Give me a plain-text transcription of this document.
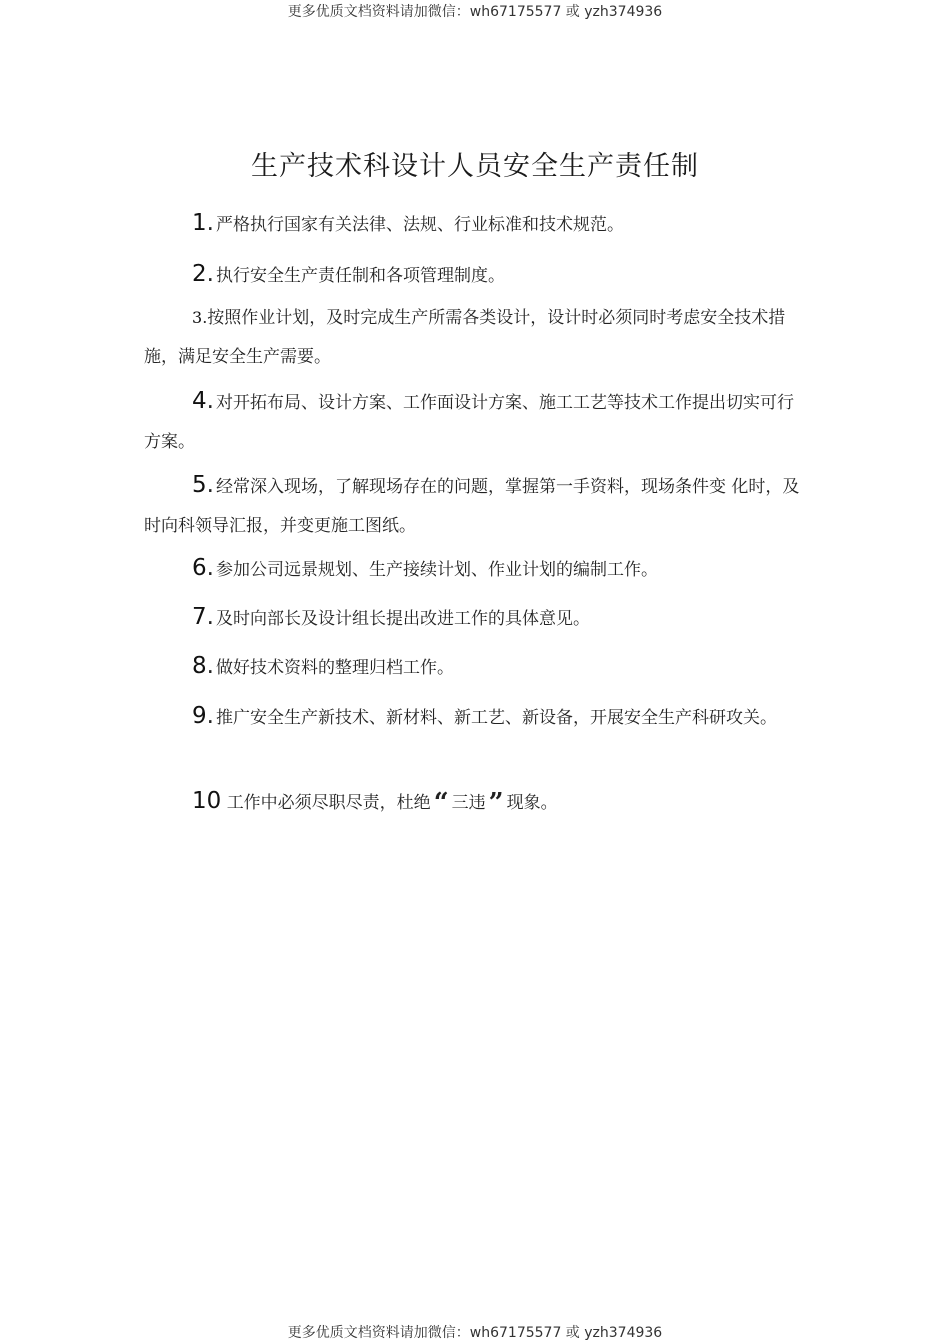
更多优质文档资料请加微信：wh67175577 或 yzh374936
生产技术科设计人员安全生产责任制
1. 严格执行国家有关法律、法规、行业标准和技术规范。
2. 执行安全生产责任制和各项管理制度。
3.按照作业计划，及时完成生产所需各类设计，设计时必须同时考虑安全技术措施，满足安全生产需要。
4. 对开拓布局、设计方案、工作面设计方案、施工工艺等技术工作提出切实可行方案。
5. 经常深入现场，了解现场存在的问题，掌握第一手资料，现场条件变 化时，及时向科领导汇报，并变更施工图纸。
6. 参加公司远景规划、生产接续计划、作业计划的编制工作。
7. 及时向部长及设计组长提出改进工作的具体意见。
8. 做好技术资料的整理归档工作。
9. 推广安全生产新技术、新材料、新工艺、新设备，开展安全生产科研攻关。
10 工作中必须尽职尽责，杜绝 “ 三违 ” 现象。
更多优质文档资料请加微信：wh67175577 或 yzh374936
